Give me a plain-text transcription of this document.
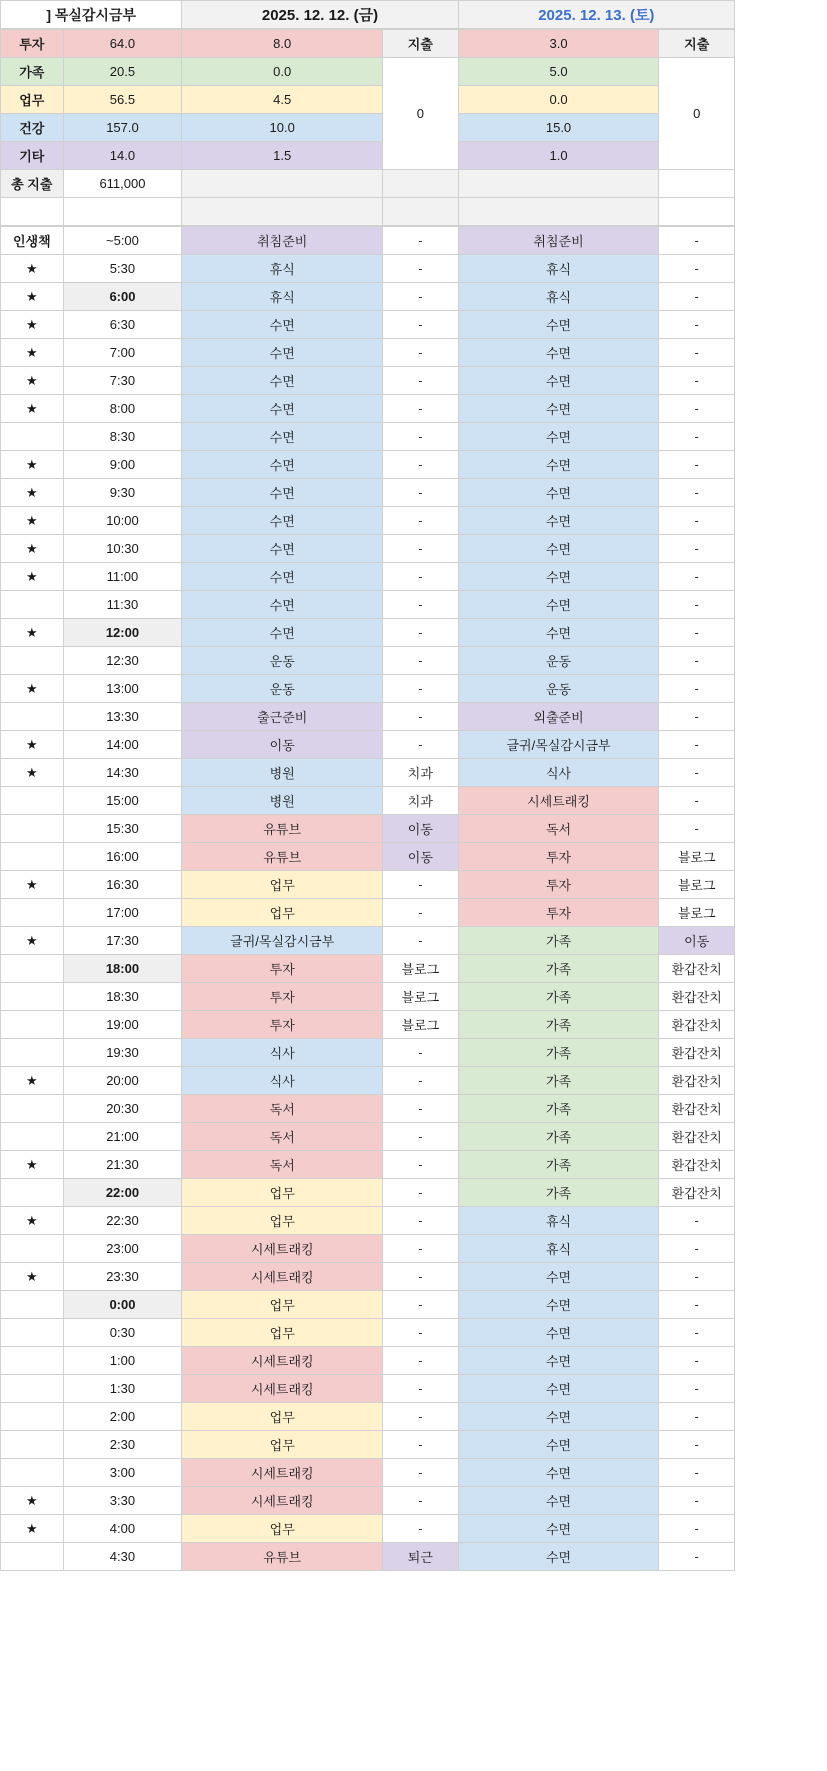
] 목실감시금부	2025. 12. 12. (금)	2025. 12. 13. (토)
투자	64.0	8.0	지출	3.0	지출
가족	20.5	0.0	0	5.0	0
업무	56.5	4.5		0.0	
건강	157.0	10.0		15.0	
기타	14.0	1.5		1.0	
총 지출	611,000				

인생책	~5:00	취침준비	-	취침준비	-
★	5:30	휴식	-	휴식	-
★	6:00	휴식	-	휴식	-
★	6:30	수면	-	수면	-
★	7:00	수면	-	수면	-
★	7:30	수면	-	수면	-
★	8:00	수면	-	수면	-
	8:30	수면	-	수면	-
★	9:00	수면	-	수면	-
★	9:30	수면	-	수면	-
★	10:00	수면	-	수면	-
★	10:30	수면	-	수면	-
★	11:00	수면	-	수면	-
	11:30	수면	-	수면	-
★	12:00	수면	-	수면	-
	12:30	운동	-	운동	-
★	13:00	운동	-	운동	-
	13:30	출근준비	-	외출준비	-
★	14:00	이동	-	글귀/목실감시금부	-
★	14:30	병원	치과	식사	-
	15:00	병원	치과	시세트래킹	-
	15:30	유튜브	이동	독서	-
	16:00	유튜브	이동	투자	블로그
★	16:30	업무	-	투자	블로그
	17:00	업무	-	투자	블로그
★	17:30	글귀/목실감시금부	-	가족	이동
	18:00	투자	블로그	가족	환갑잔치
	18:30	투자	블로그	가족	환갑잔치
	19:00	투자	블로그	가족	환갑잔치
	19:30	식사	-	가족	환갑잔치
★	20:00	식사	-	가족	환갑잔치
	20:30	독서	-	가족	환갑잔치
	21:00	독서	-	가족	환갑잔치
★	21:30	독서	-	가족	환갑잔치
	22:00	업무	-	가족	환갑잔치
★	22:30	업무	-	휴식	-
	23:00	시세트래킹	-	휴식	-
★	23:30	시세트래킹	-	수면	-
	0:00	업무	-	수면	-
	0:30	업무	-	수면	-
	1:00	시세트래킹	-	수면	-
	1:30	시세트래킹	-	수면	-
	2:00	업무	-	수면	-
	2:30	업무	-	수면	-
	3:00	시세트래킹	-	수면	-
★	3:30	시세트래킹	-	수면	-
★	4:00	업무	-	수면	-
	4:30	유튜브	퇴근	수면	-
